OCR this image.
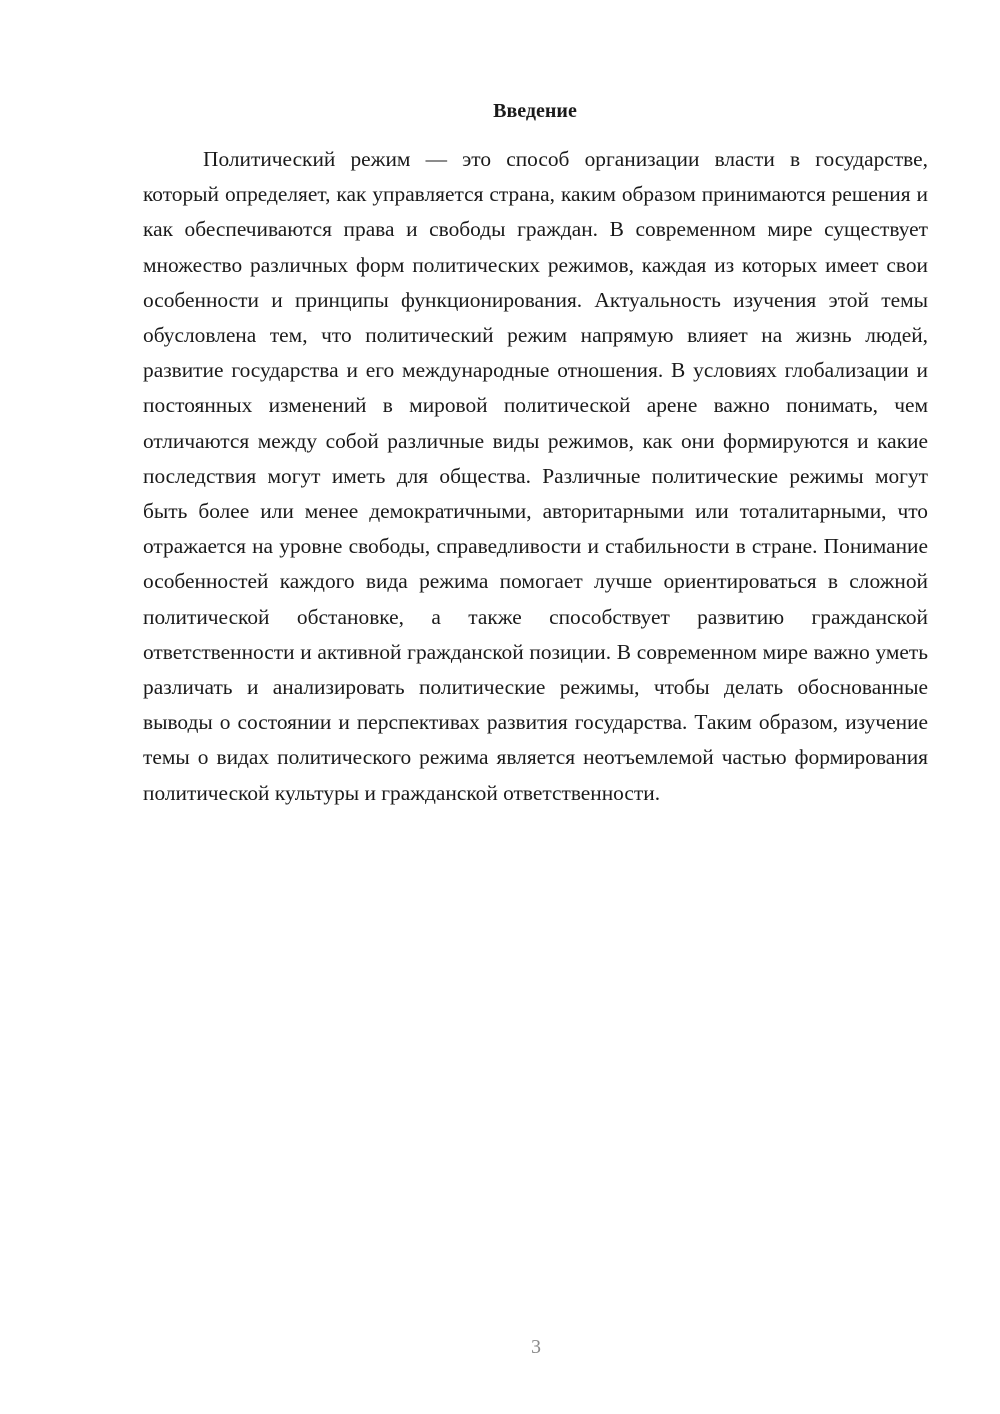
Введение

Политический режим — это способ организации власти в государстве, который определяет, как управляется страна, каким образом принимаются решения и как обеспечиваются права и свободы граждан. В современном мире существует множество различных форм политических режимов, каждая из которых имеет свои особенности и принципы функционирования. Актуальность изучения этой темы обусловлена тем, что политический режим напрямую влияет на жизнь людей, развитие государства и его международные отношения. В условиях глобализации и постоянных изменений в мировой политической арене важно понимать, чем отличаются между собой различные виды режимов, как они формируются и какие последствия могут иметь для общества. Различные политические режимы могут быть более или менее демократичными, авторитарными или тоталитарными, что отражается на уровне свободы, справедливости и стабильности в стране. Понимание особенностей каждого вида режима помогает лучше ориентироваться в сложной политической обстановке, а также способствует развитию гражданской ответственности и активной гражданской позиции. В современном мире важно уметь различать и анализировать политические режимы, чтобы делать обоснованные выводы о состоянии и перспективах развития государства. Таким образом, изучение темы о видах политического режима является неотъемлемой частью формирования политической культуры и гражданской ответственности.

3
